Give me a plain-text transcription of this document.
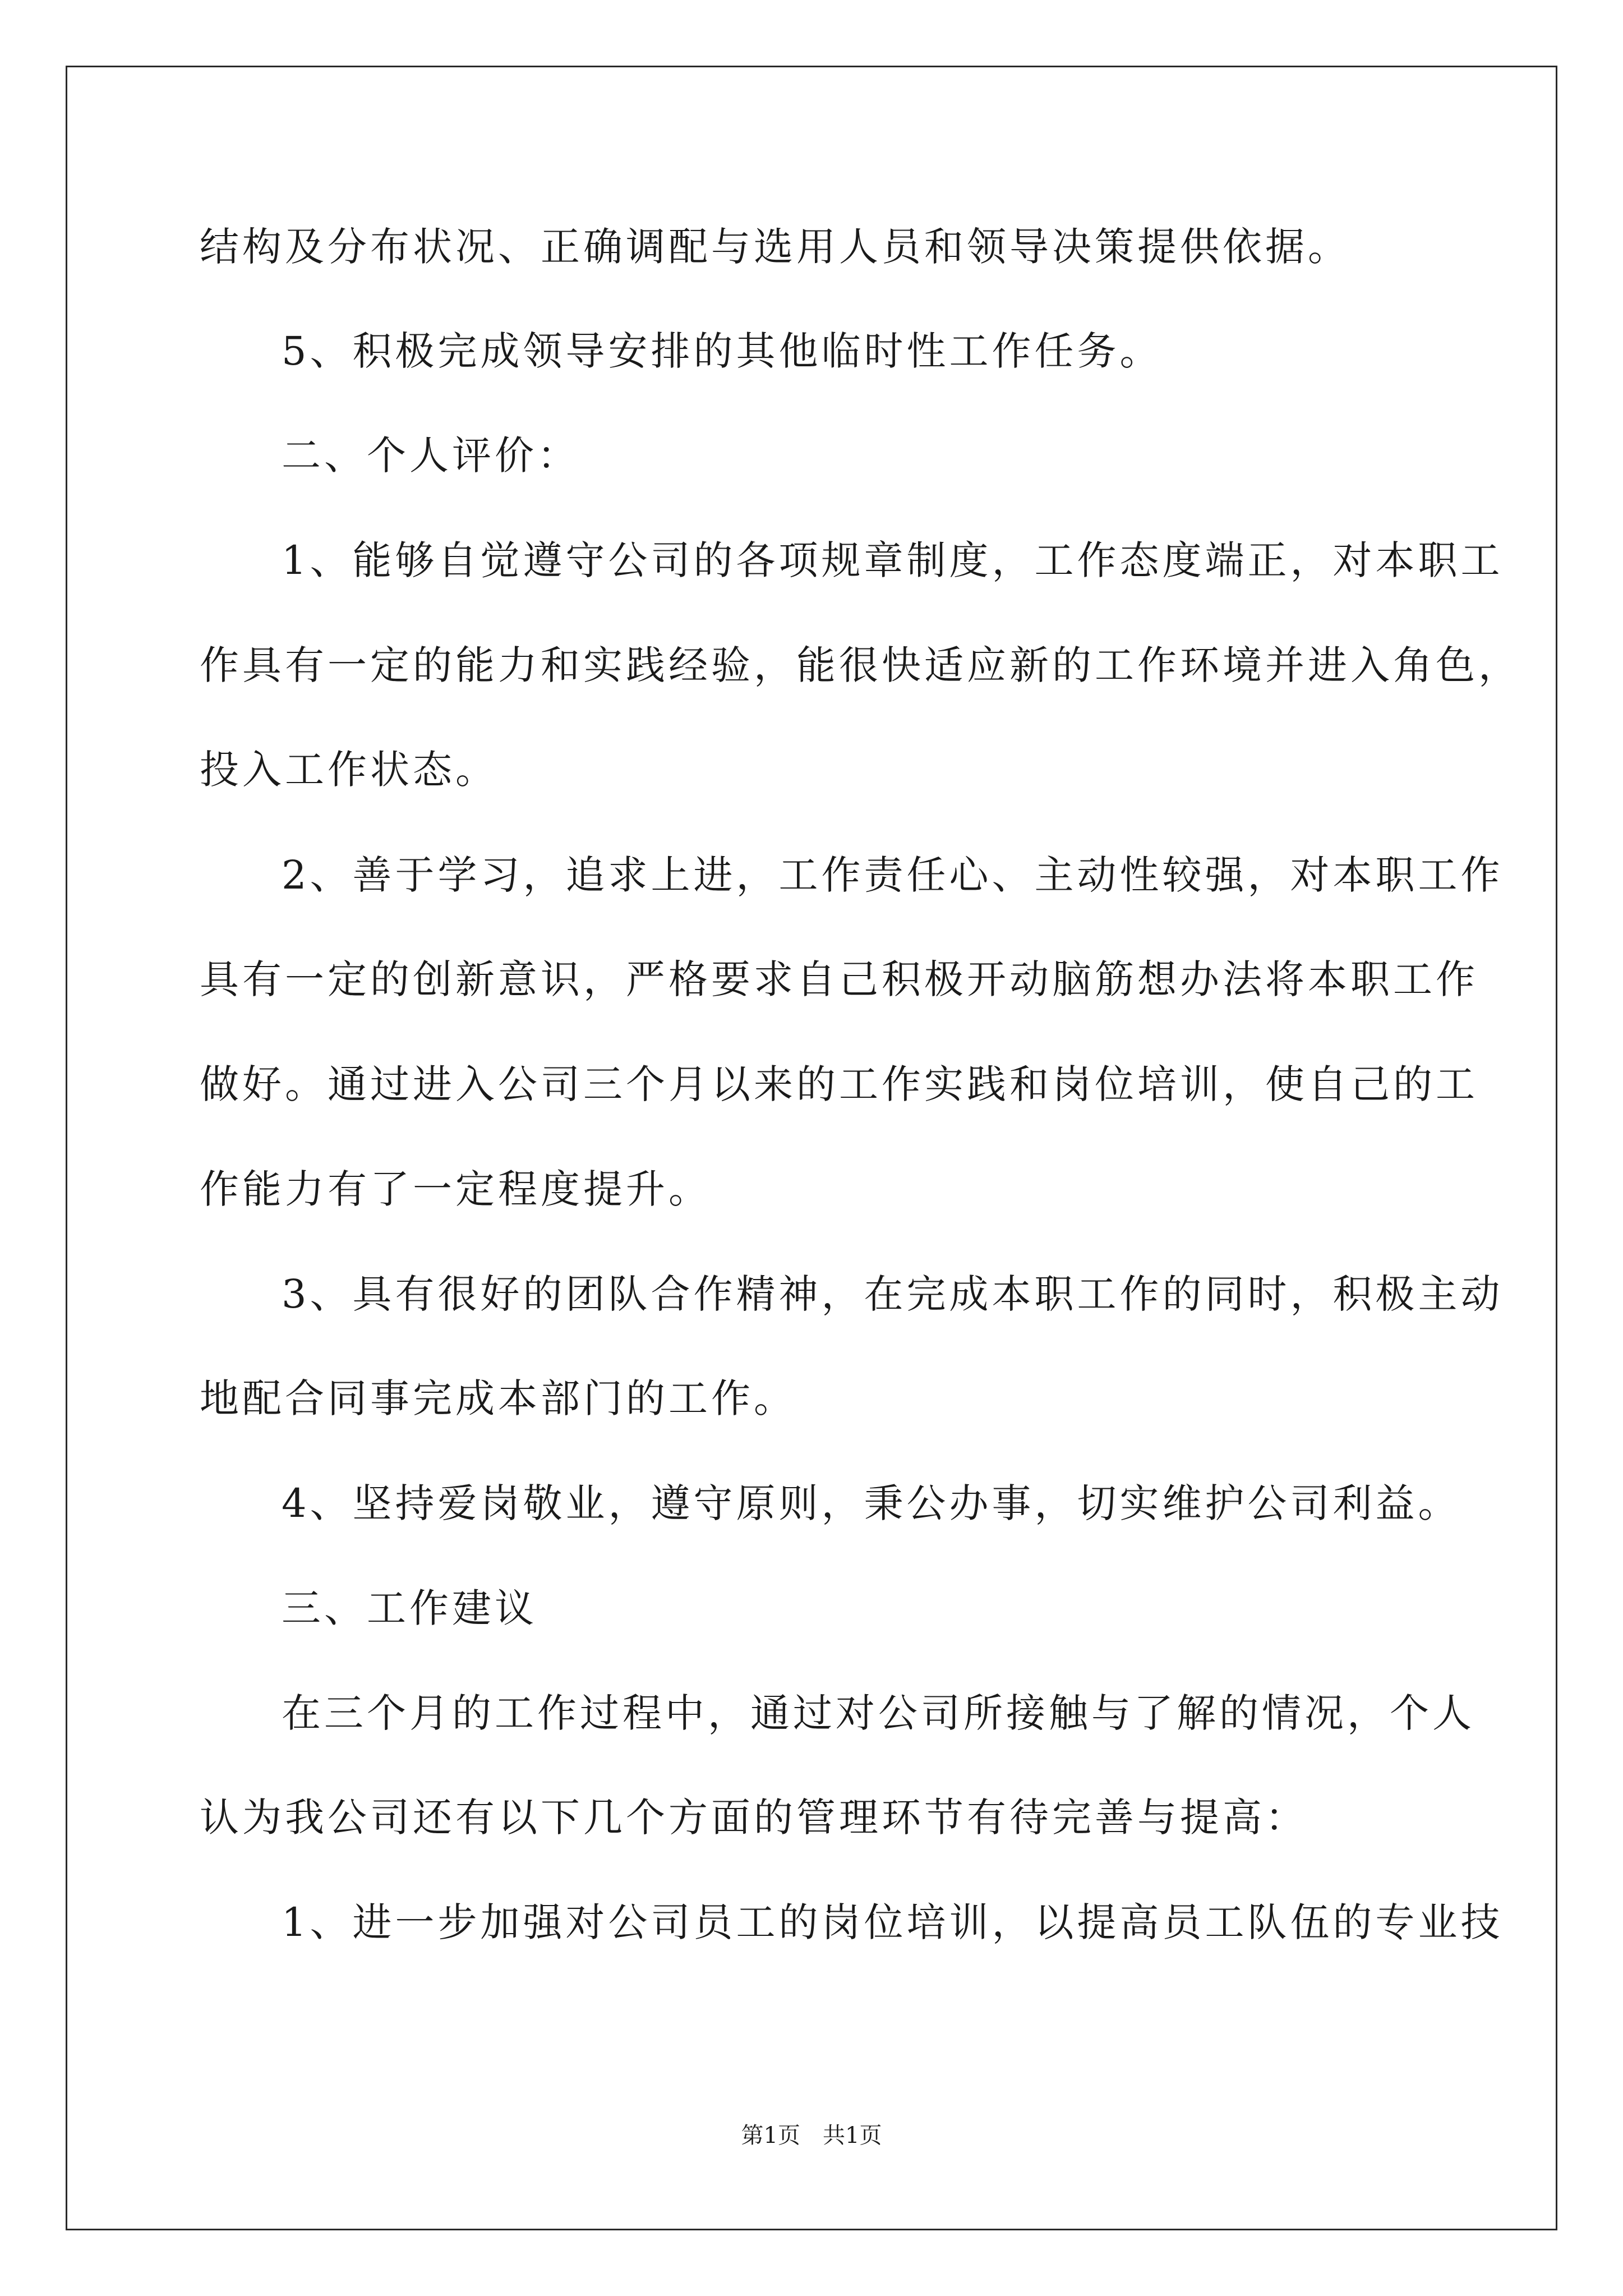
结构及分布状况、正确调配与选用人员和领导决策提供依据。
5、积极完成领导安排的其他临时性工作任务。
二、个人评价：
1、能够自觉遵守公司的各项规章制度，工作态度端正，对本职工
作具有一定的能力和实践经验，能很快适应新的工作环境并进入角色，
投入工作状态。
2、善于学习，追求上进，工作责任心、主动性较强，对本职工作
具有一定的创新意识，严格要求自己积极开动脑筋想办法将本职工作
做好。通过进入公司三个月以来的工作实践和岗位培训，使自己的工
作能力有了一定程度提升。
3、具有很好的团队合作精神，在完成本职工作的同时，积极主动
地配合同事完成本部门的工作。
4、坚持爱岗敬业，遵守原则，秉公办事，切实维护公司利益。
三、工作建议
在三个月的工作过程中，通过对公司所接触与了解的情况，个人
认为我公司还有以下几个方面的管理环节有待完善与提高：
1、进一步加强对公司员工的岗位培训，以提高员工队伍的专业技
第1页　共1页
